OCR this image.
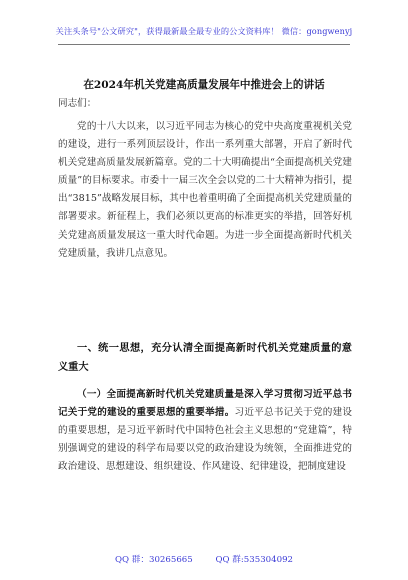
关注头条号"公文研究"，获得最新最全最专业的公文资料库！ 微信：gongwenyj
在2024年机关党建高质量发展年中推进会上的讲话
同志们：
党的十八大以来，以习近平同志为核心的党中央高度重视机关党的建设，进行一系列顶层设计，作出一系列重大部署，开启了新时代机关党建高质量发展新篇章。党的二十大明确提出“全面提高机关党建质量”的目标要求。市委十一届三次全会以党的二十大精神为指引，提出“3815”战略发展目标，其中也着重明确了全面提高机关党建质量的部署要求。新征程上，我们必须以更高的标准更实的举措，回答好机关党建高质量发展这一重大时代命题。为进一步全面提高新时代机关党建质量，我讲几点意见。
一、统一思想，充分认清全面提高新时代机关党建质量的意义重大
（一）全面提高新时代机关党建质量是深入学习贯彻习近平总书记关于党的建设的重要思想的重要举措。习近平总书记关于党的建设的重要思想，是习近平新时代中国特色社会主义思想的“党建篇”，特别强调党的建设的科学布局要以党的政治建设为统领，全面推进党的政治建设、思想建设、组织建设、作风建设、纪律建设，把制度建设
QQ 群：30265665	QQ 群:535304092
